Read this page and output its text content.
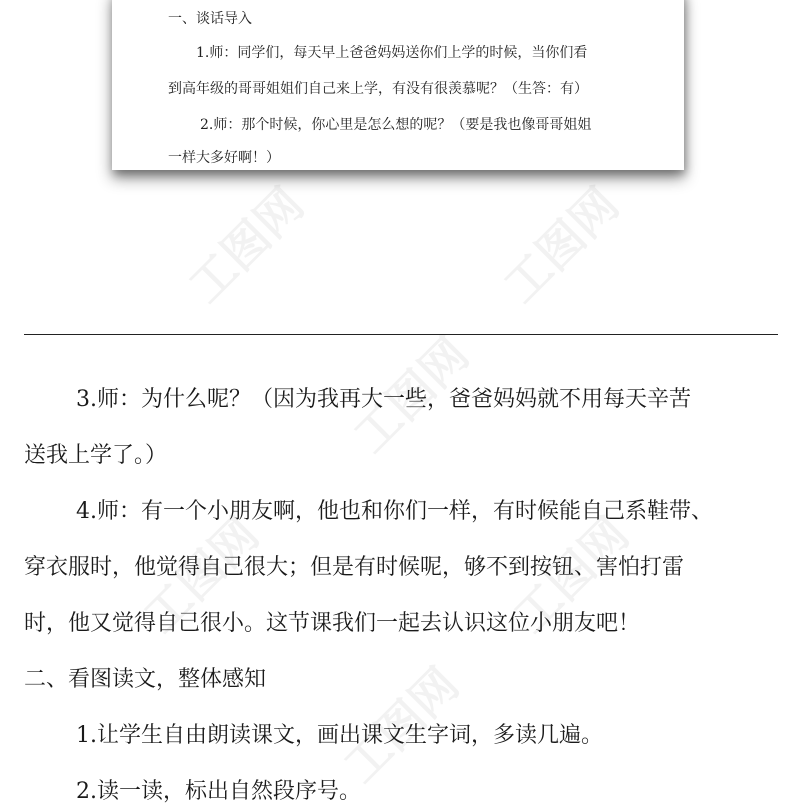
工图网	工图网
工图网
工图网	工图网
工图网
一、谈话导入
1.师：同学们，每天早上爸爸妈妈送你们上学的时候，当你们看
到高年级的哥哥姐姐们自己来上学，有没有很羡慕呢？（生答：有）
2.师：那个时候，你心里是怎么想的呢？（要是我也像哥哥姐姐
一样大多好啊！）
3.师：为什么呢？（因为我再大一些，爸爸妈妈就不用每天辛苦
送我上学了。）
4.师：有一个小朋友啊，他也和你们一样，有时候能自己系鞋带、
穿衣服时，他觉得自己很大；但是有时候呢，够不到按钮、害怕打雷
时，他又觉得自己很小。这节课我们一起去认识这位小朋友吧！
二、看图读文，整体感知
1.让学生自由朗读课文，画出课文生字词，多读几遍。
2.读一读，标出自然段序号。
